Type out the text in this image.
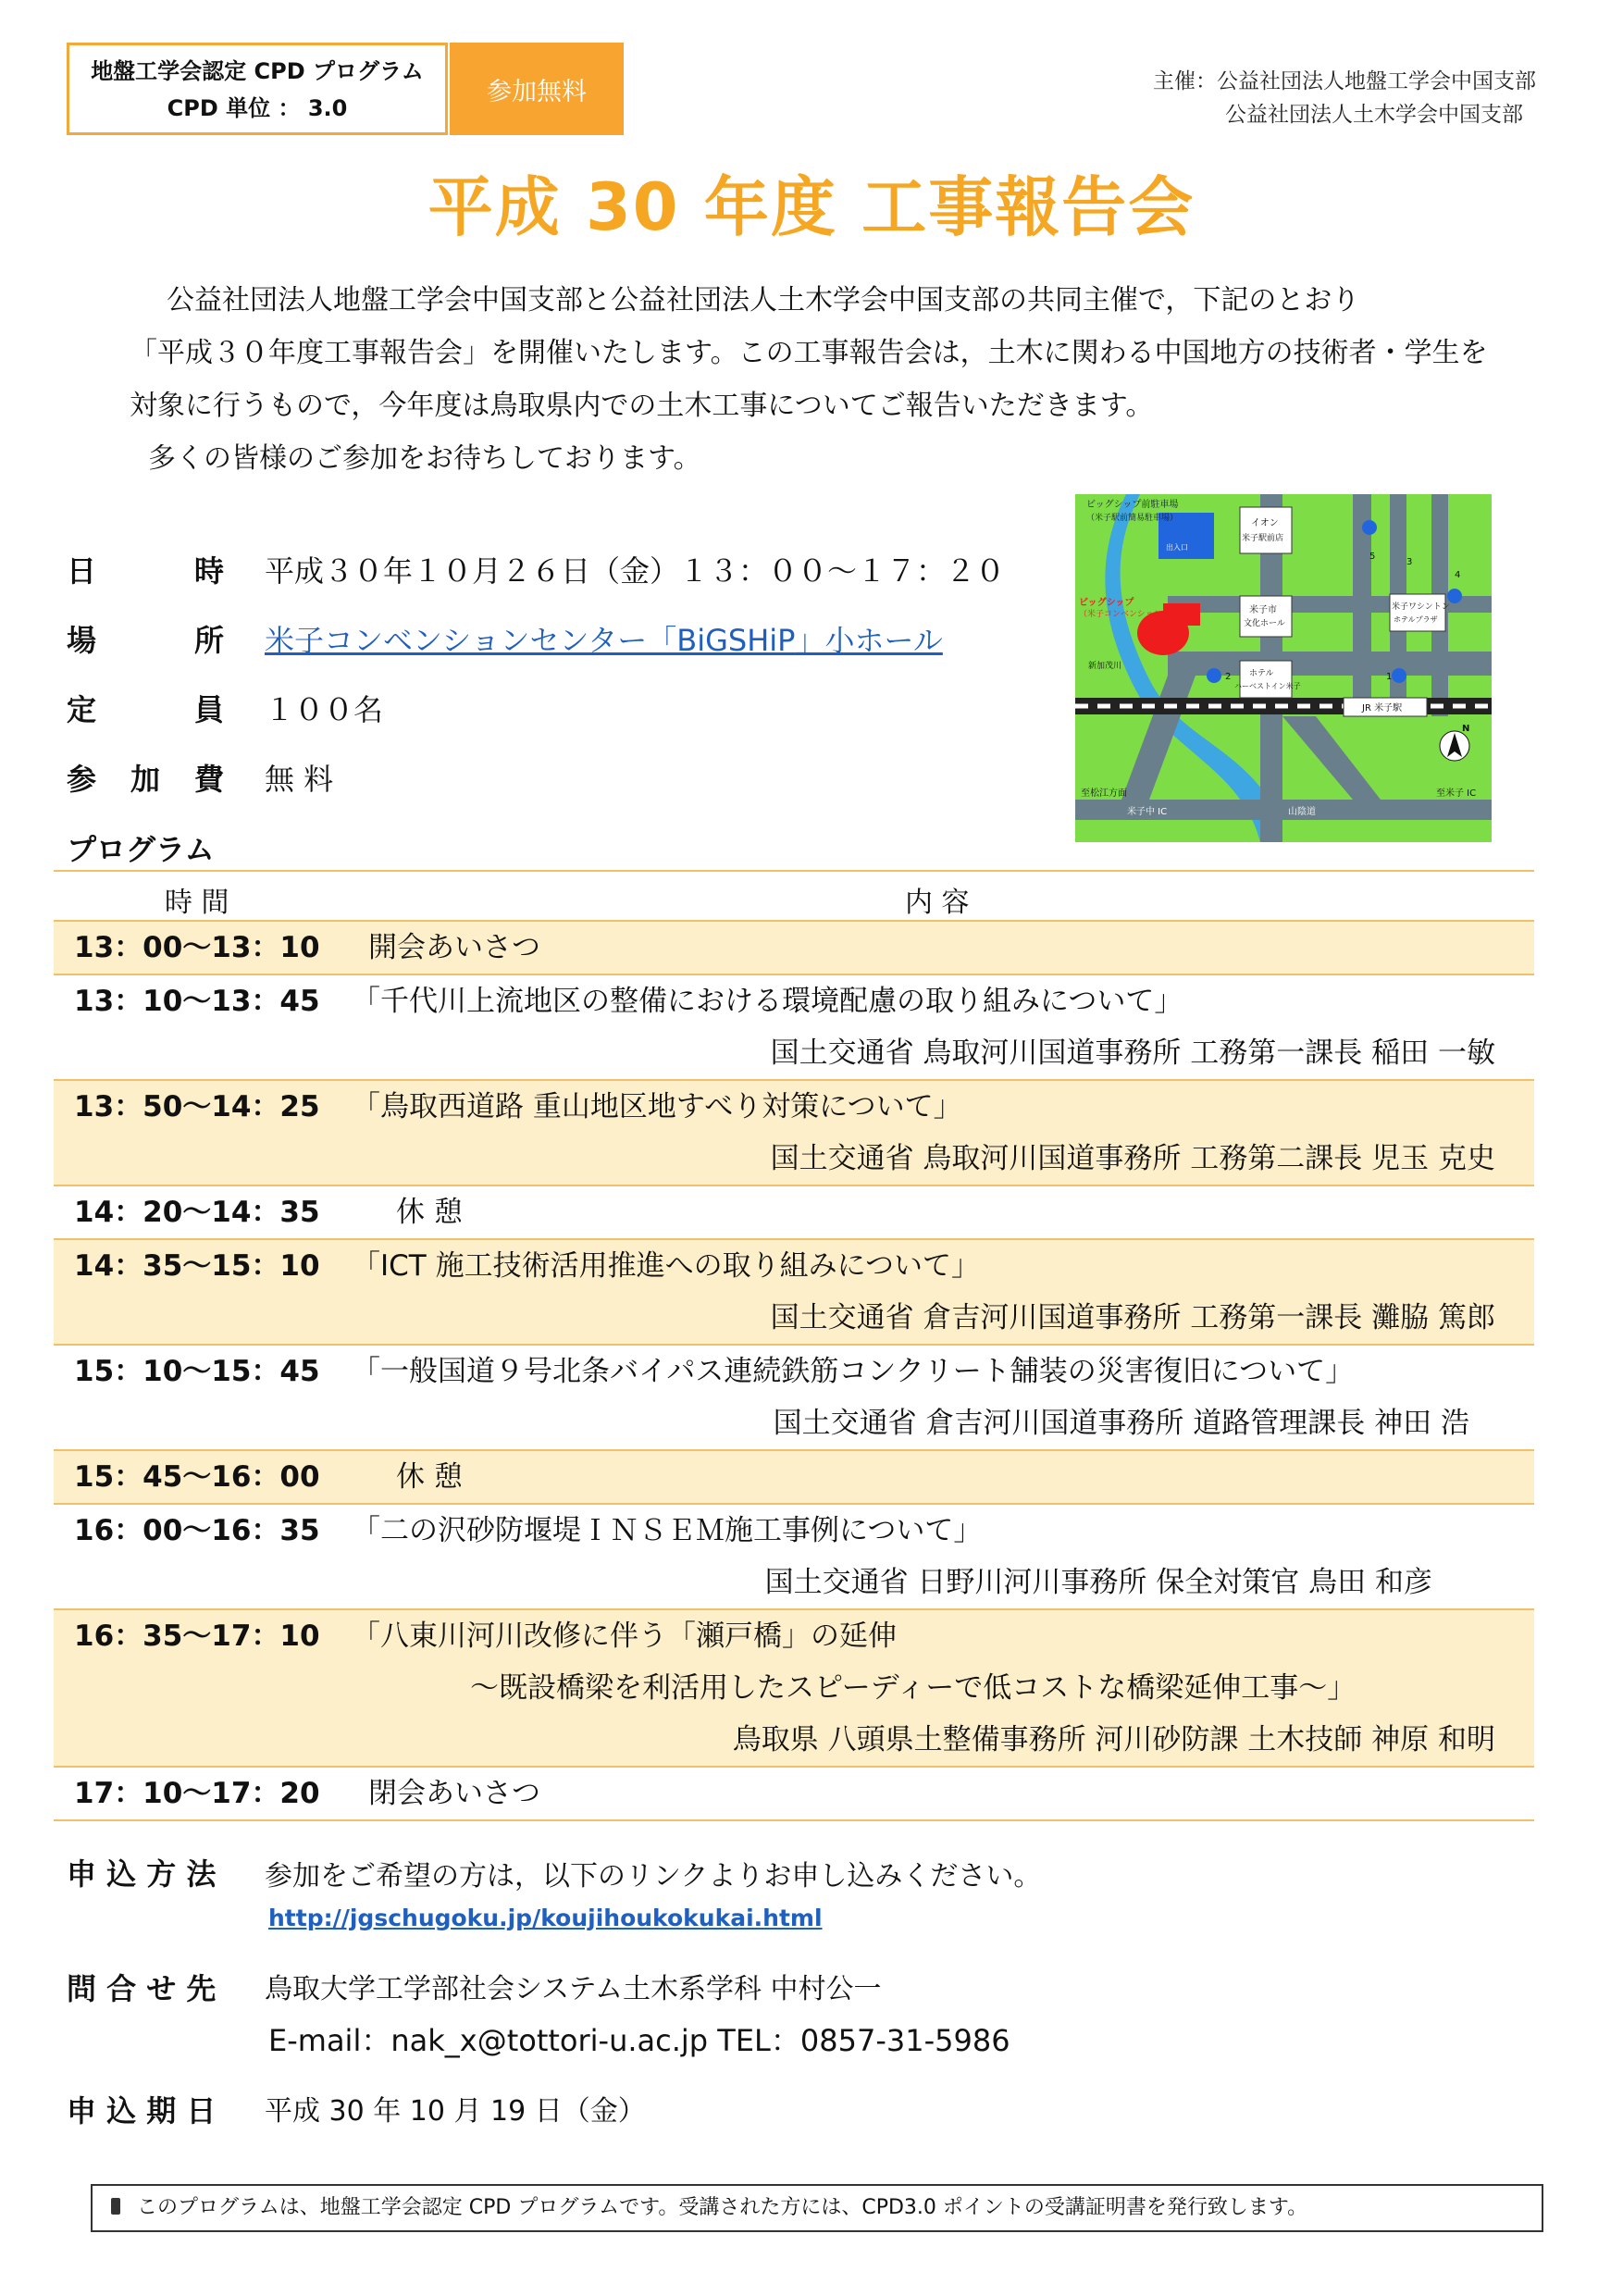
地盤工学会認定 CPD プログラム
CPD 単位 ： 3.0
参加無料	主催：公益社団法人地盤工学会中国支部
公益社団法人土木学会中国支部
平成 30 年度 工事報告会

公益社団法人地盤工学会中国支部と公益社団法人土木学会中国支部の共同主催で，下記のとおり

「平成３０年度工事報告会」を開催いたします。この工事報告会は，土木に関わる中国地方の技術者・学生を

対象に行うもので，今年度は鳥取県内での土木工事についてご報告いただきます。

多くの皆様のご参加をお待ちしております。

日	時 平成３０年１０月２６日（金）１３：００～１７：２０
場	所 米子コンベンションセンター「BiGSHiP」小ホール
定	員 １００名
参 加 費 無 料
ビッグシップ前駐車場
（米子駅前簡易駐車場）
ビッグシップ
（米子コンベンションセンター）
イオン
米子駅前店
米子市
文化ホール
ホテル
ハーベストイン米子
米子ワシントン
ホテルプラザ
JR 米子駅
新加茂川
至松江方面	至米子 IC
米子中 IC	山陰道
出入口
5
3
4
2	1
N
プログラム
時 間	内 容
13：00～13：10	開会あいさつ
13：10～13：45	「千代川上流地区の整備における環境配慮の取り組みについて」
国土交通省 鳥取河川国道事務所 工務第一課長 稲田 一敏
13：50～14：25	「鳥取西道路 重山地区地すべり対策について」
国土交通省 鳥取河川国道事務所 工務第二課長 児玉 克史
14：20～14：35	休 憩
14：35～15：10	「ICT 施工技術活用推進への取り組みについて」
国土交通省 倉吉河川国道事務所 工務第一課長 灘脇 篤郎
15：10～15：45	「一般国道９号北条バイパス連続鉄筋コンクリート舗装の災害復旧について」
国土交通省 倉吉河川国道事務所 道路管理課長 神田 浩
15：45～16：00	休 憩
16：00～16：35	「二の沢砂防堰堤ＩＮＳＥＭ施工事例について」
国土交通省 日野川河川事務所 保全対策官 鳥田 和彦
16：35～17：10	「八東川河川改修に伴う「瀬戸橋」の延伸
～既設橋梁を利活用したスピーディーで低コストな橋梁延伸工事～」
鳥取県 八頭県土整備事務所 河川砂防課 土木技師 神原 和明
17：10～17：20	閉会あいさつ
申 込 方 法 参加をご希望の方は，以下のリンクよりお申し込みください。
http://jgschugoku.jp/koujihoukokukai.html
問 合 せ 先 鳥取大学工学部社会システム土木系学科 中村公一
E-mail：nak_x@tottori-u.ac.jp TEL：0857-31-5986
申 込 期 日 平成 30 年 10 月 19 日（金）
このプログラムは、地盤工学会認定 CPD プログラムです。受講された方には、CPD3.0 ポイントの受講証明書を発行致します。
